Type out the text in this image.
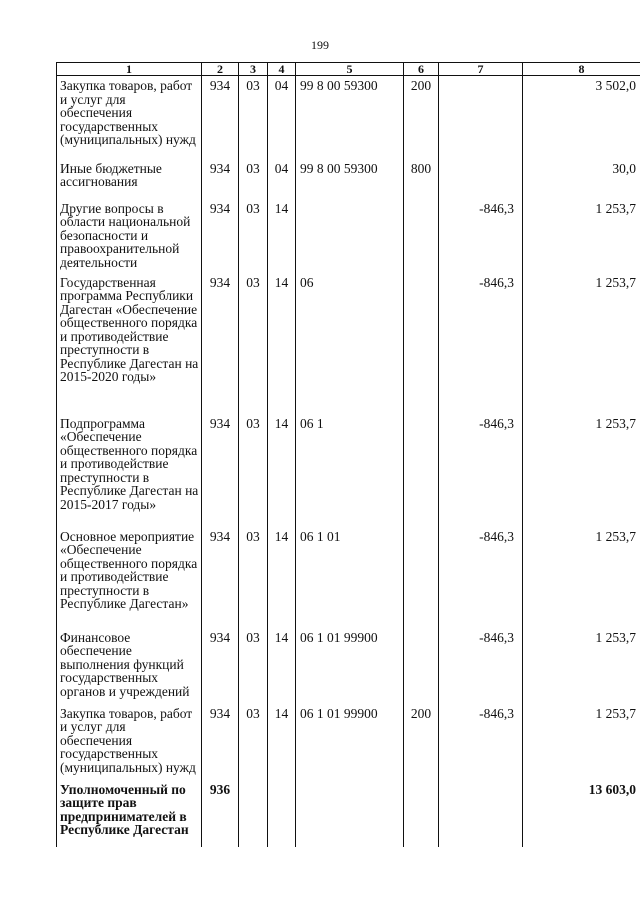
199
1	2	3	4	5	6	7	8
Закупка товаров, работ и услуг для обеспечения государственных (муниципальных) нужд	934	03	04	99 8 00 59300	200		3 502,0
Иные бюджетные ассигнования	934	03	04	99 8 00 59300	800		30,0
Другие вопросы в области национальной безопасности и правоохранительной деятельности	934	03	14			-846,3	1 253,7
Государственная программа Республики Дагестан «Обеспечение общественного порядка и противодействие преступности в Республике Дагестан на 2015-2020 годы»	934	03	14	06		-846,3	1 253,7
Подпрограмма «Обеспечение общественного порядка и противодействие преступности в Республике Дагестан на 2015-2017 годы»	934	03	14	06 1		-846,3	1 253,7
Основное мероприятие «Обеспечение общественного порядка и противодействие преступности в Республике Дагестан»	934	03	14	06 1 01		-846,3	1 253,7
Финансовое обеспечение выполнения функций государственных органов и учреждений	934	03	14	06 1 01 99900		-846,3	1 253,7
Закупка товаров, работ и услуг для обеспечения государственных (муниципальных) нужд	934	03	14	06 1 01 99900	200	-846,3	1 253,7
Уполномоченный по защите прав предпринимателей в Республике Дагестан	936						13 603,0
